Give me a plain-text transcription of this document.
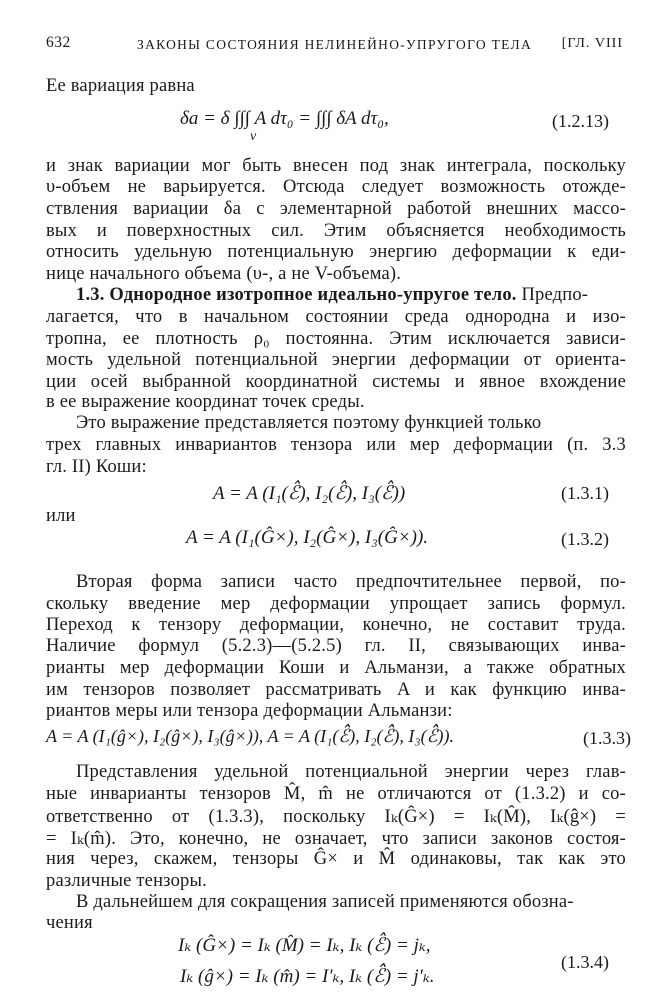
632	ЗАКОНЫ СОСТОЯНИЯ НЕЛИНЕЙНО-УПРУГОГО ТЕЛА [ГЛ. VIII
Ее вариация равна
δa = δ ∫∫∫ A dτ₀ = ∫∫∫ δA dτ₀,
v
(1.2.13)
и знак вариации мог быть внесен под знак интеграла, поскольку
υ-объем не варьируется. Отсюда следует возможность отожде-
ствления вариации δa с элементарной работой внешних массо-
вых и поверхностных сил. Этим объясняется необходимость
относить удельную потенциальную энергию деформации к еди-
нице начального объема (υ-, а не V-объема).
1.3. Однородное изотропное идеально-упругое тело. Предпо-
лагается, что в начальном состоянии среда однородна и изо-
тропна, ее плотность ρ₀ постоянна. Этим исключается зависи-
мость удельной потенциальной энергии деформации от ориента-
ции осей выбранной координатной системы и явное вхождение
в ее выражение координат точек среды.
Это выражение представляется поэтому функцией только
трех главных инвариантов тензора или мер деформации (п. 3.3
гл. II) Коши:
A = A (I₁(ℰ̂), I₂(ℰ̂), I₃(ℰ̂))	(1.3.1)
или
A = A (I₁(Ĝ×), I₂(Ĝ×), I₃(Ĝ×)).	(1.3.2)
Вторая форма записи часто предпочтительнее первой, по-
скольку введение мер деформации упрощает запись формул.
Переход к тензору деформации, конечно, не составит труда.
Наличие формул (5.2.3)—(5.2.5) гл. II, связывающих инва-
рианты мер деформации Коши и Альманзи, а также обратных
им тензоров позволяет рассматривать A и как функцию инва-
риантов меры или тензора деформации Альманзи:
A = A (I₁(ĝ×), I₂(ĝ×), I₃(ĝ×)), A = A (I₁(ℰ̂̂), I₂(ℰ̂̂), I₃(ℰ̂̂)).	(1.3.3)
Представления удельной потенциальной энергии через глав-
ные инварианты тензоров M̂, m̂ не отличаются от (1.3.2) и со-
ответственно от (1.3.3), поскольку Iₖ(Ĝ×) = Iₖ(M̂), Iₖ(ĝ×) =
= Iₖ(m̂). Это, конечно, не означает, что записи законов состоя-
ния через, скажем, тензоры Ĝ× и M̂ одинаковы, так как это
различные тензоры.
В дальнейшем для сокращения записей применяются обозна-
чения
Iₖ (Ĝ×) = Iₖ (M̂) = Iₖ, Iₖ (ℰ̂) = jₖ,
Iₖ (ĝ×) = Iₖ (m̂) = I′ₖ, Iₖ (ℰ̂̂) = j′ₖ.
(1.3.4)
